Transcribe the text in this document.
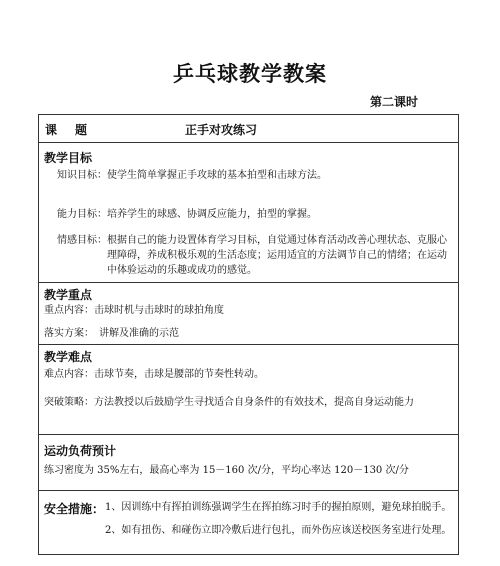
乒乓球教学教案
第二课时
课　题	正手对攻练习
教学目标
知识目标：使学生简单掌握正手攻球的基本拍型和击球方法。
能力目标：培养学生的球感、协调反应能力，拍型的掌握。
情感目标： 根据自己的能力设置体育学习目标，自觉通过体育活动改善心理状态、克服心
理障碍，养成积极乐观的生活态度；运用适宜的方法调节自己的情绪；在运动
中体验运动的乐趣或成功的感觉。
教学重点
重点内容：击球时机与击球时的球拍角度
落实方案：　讲解及准确的示范
教学难点
难点内容：击球节奏，击球是腰部的节奏性转动。
突破策略：方法教授以后鼓励学生寻找适合自身条件的有效技术，提高自身运动能力
运动负荷预计
练习密度为 35%左右，最高心率为 15－160 次/分，平均心率达 120－130 次/分
安全措施： 1、因训练中有挥拍训练强调学生在挥拍练习时手的握拍原则，避免球拍脱手。
2、如有扭伤、和碰伤立即冷敷后进行包扎，而外伤应该送校医务室进行处理。
